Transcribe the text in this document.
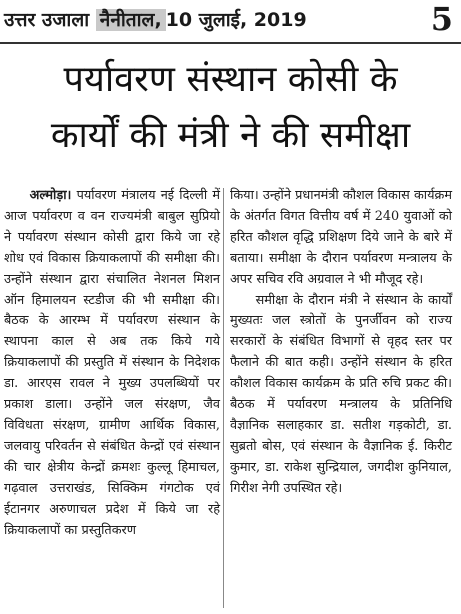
उत्तर उजाला नैनीताल, 10 जुलाई, 2019	5
पर्यावरण संस्थान कोसी के
कार्यों की मंत्री ने की समीक्षा

अल्मोड़ा। पर्यावरण मंत्रालय नई दिल्ली में आज पर्यावरण व वन राज्यमंत्री बाबुल सुप्रियो ने पर्यावरण संस्थान कोसी द्वारा किये जा रहे शोध एवं विकास क्रियाकलापों की समीक्षा की। उन्होंने संस्थान द्वारा संचालित नेशनल मिशन ऑन हिमालयन स्टडीज की भी समीक्षा की। बैठक के आरम्भ में पर्यावरण संस्थान के स्थापना काल से अब तक किये गये क्रियाकलापों की प्रस्तुति में संस्थान के निदेशक डा. आरएस रावल ने मुख्य उपलब्धियों पर प्रकाश डाला। उन्होंने जल संरक्षण, जैव विविधता संरक्षण, ग्रामीण आर्थिक विकास, जलवायु परिवर्तन से संबंधित केन्द्रों एवं संस्थान की चार क्षेत्रीय केन्द्रों क्रमशः कुल्लू हिमाचल, गढ़वाल उत्तराखंड, सिक्किम गंगटोक एवं ईटानगर अरुणाचल प्रदेश में किये जा रहे क्रियाकलापों का प्रस्तुतिकरण

किया। उन्होंने प्रधानमंत्री कौशल विकास कार्यक्रम के अंतर्गत विगत वित्तीय वर्ष में 240 युवाओं को हरित कौशल वृद्धि प्रशिक्षण दिये जाने के बारे में बताया। समीक्षा के दौरान पर्यावरण मन्त्रालय के अपर सचिव रवि अग्रवाल ने भी मौजूद रहे।

समीक्षा के दौरान मंत्री ने संस्थान के कार्यों मुख्यतः जल स्त्रोतों के पुनर्जीवन को राज्य सरकारों के संबंधित विभागों से वृहद स्तर पर फैलाने की बात कही। उन्होंने संस्थान के हरित कौशल विकास कार्यक्रम के प्रति रुचि प्रकट की। बैठक में पर्यावरण मन्त्रालय के प्रतिनिधि वैज्ञानिक सलाहकार डा. सतीश गड़कोटी, डा. सुब्रतो बोस, एवं संस्थान के वैज्ञानिक ई. किरीट कुमार, डा. राकेश सुन्द्रियाल, जगदीश कुनियाल, गिरीश नेगी उपस्थित रहे।
